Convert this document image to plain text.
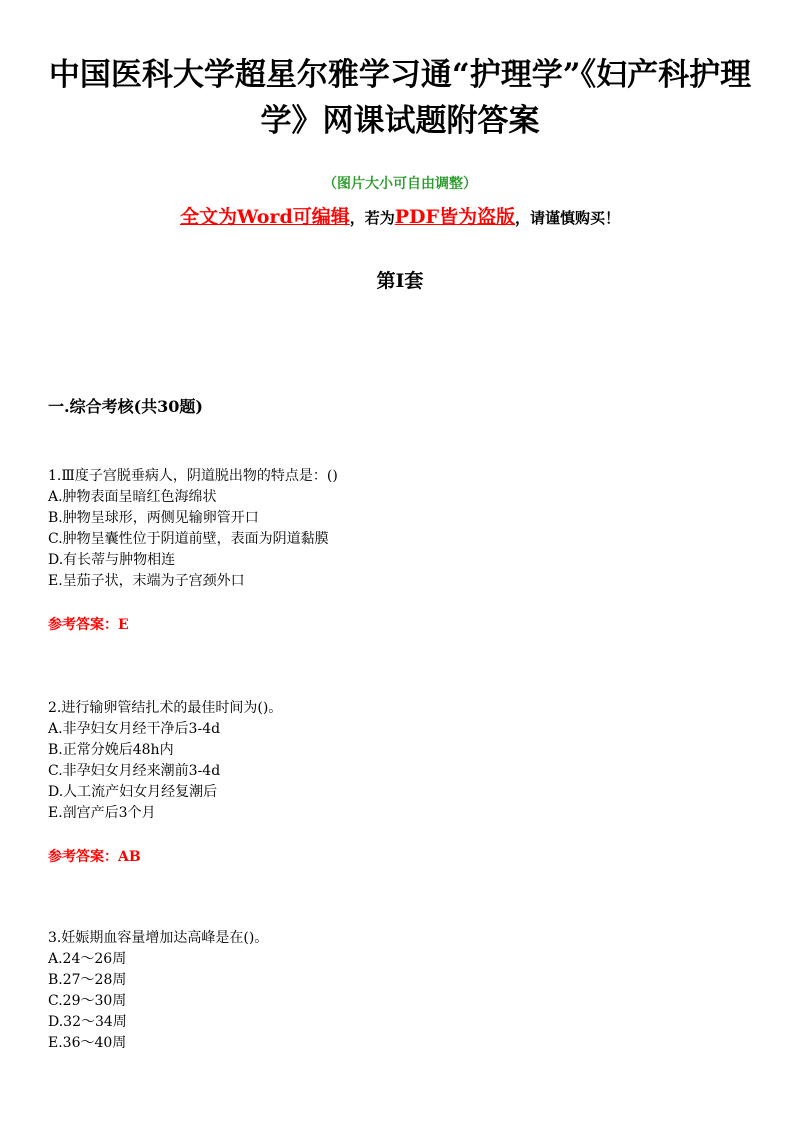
中国医科大学超星尔雅学习通“护理学”《妇产科护理学》网课试题附答案
（图片大小可自由调整）
全文为Word可编辑，若为PDF皆为盗版，请谨慎购买！
第I套
一.综合考核(共30题)
1.Ⅲ度子宫脱垂病人，阴道脱出物的特点是：()
A.肿物表面呈暗红色海绵状
B.肿物呈球形，两侧见输卵管开口
C.肿物呈囊性位于阴道前壁，表面为阴道黏膜
D.有长蒂与肿物相连
E.呈茄子状，末端为子宫颈外口
参考答案：E
2.进行输卵管结扎术的最佳时间为()。
A.非孕妇女月经干净后3-4d
B.正常分娩后48h内
C.非孕妇女月经来潮前3-4d
D.人工流产妇女月经复潮后
E.剖宫产后3个月
参考答案：AB
3.妊娠期血容量增加达高峰是在()。
A.24～26周
B.27～28周
C.29～30周
D.32～34周
E.36～40周
